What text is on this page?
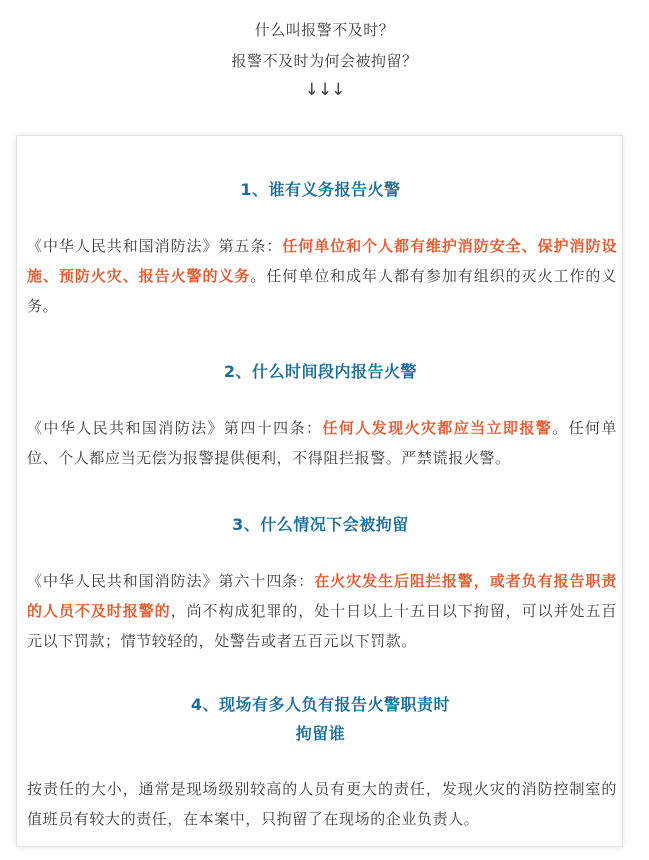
什么叫报警不及时？
报警不及时为何会被拘留？
↓↓↓
1、谁有义务报告火警
《中华人民共和国消防法》第五条：任何单位和个人都有维护消防安全、保护消防设施、预防火灾、报告火警的义务。任何单位和成年人都有参加有组织的灭火工作的义务。
2、什么时间段内报告火警
《中华人民共和国消防法》第四十四条：任何人发现火灾都应当立即报警。任何单位、个人都应当无偿为报警提供便利，不得阻拦报警。严禁谎报火警。
3、什么情况下会被拘留
《中华人民共和国消防法》第六十四条：在火灾发生后阻拦报警，或者负有报告职责的人员不及时报警的，尚不构成犯罪的，处十日以上十五日以下拘留，可以并处五百元以下罚款；情节较轻的，处警告或者五百元以下罚款。
4、现场有多人负有报告火警职责时
拘留谁
按责任的大小，通常是现场级别较高的人员有更大的责任，发现火灾的消防控制室的值班员有较大的责任，在本案中，只拘留了在现场的企业负责人。
